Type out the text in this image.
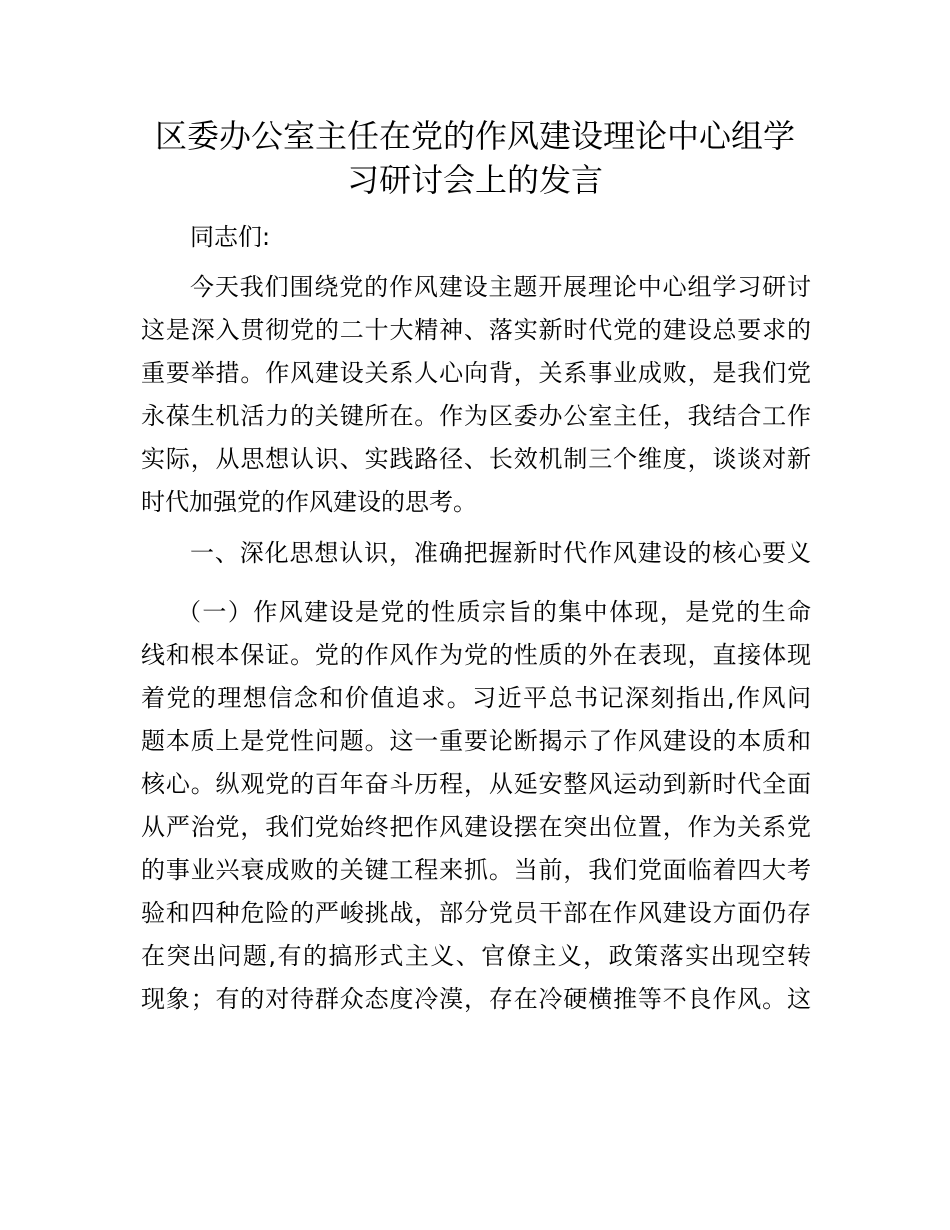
区委办公室主任在党的作风建设理论中心组学
习研讨会上的发言

同志们:

今天我们围绕党的作风建设主题开展理论中心组学习研讨

这是深入贯彻党的二十大精神、落实新时代党的建设总要求的

重要举措。作风建设关系人心向背，关系事业成败，是我们党

永葆生机活力的关键所在。作为区委办公室主任，我结合工作

实际，从思想认识、实践路径、长效机制三个维度，谈谈对新

时代加强党的作风建设的思考。

一、深化思想认识，准确把握新时代作风建设的核心要义

（一）作风建设是党的性质宗旨的集中体现，是党的生命

线和根本保证。党的作风作为党的性质的外在表现，直接体现

着党的理想信念和价值追求。习近平总书记深刻指出,作风问

题本质上是党性问题。这一重要论断揭示了作风建设的本质和

核心。纵观党的百年奋斗历程，从延安整风运动到新时代全面

从严治党，我们党始终把作风建设摆在突出位置，作为关系党

的事业兴衰成败的关键工程来抓。当前，我们党面临着四大考

验和四种危险的严峻挑战，部分党员干部在作风建设方面仍存

在突出问题,有的搞形式主义、官僚主义，政策落实出现空转

现象；有的对待群众态度冷漠，存在冷硬横推等不良作风。这
